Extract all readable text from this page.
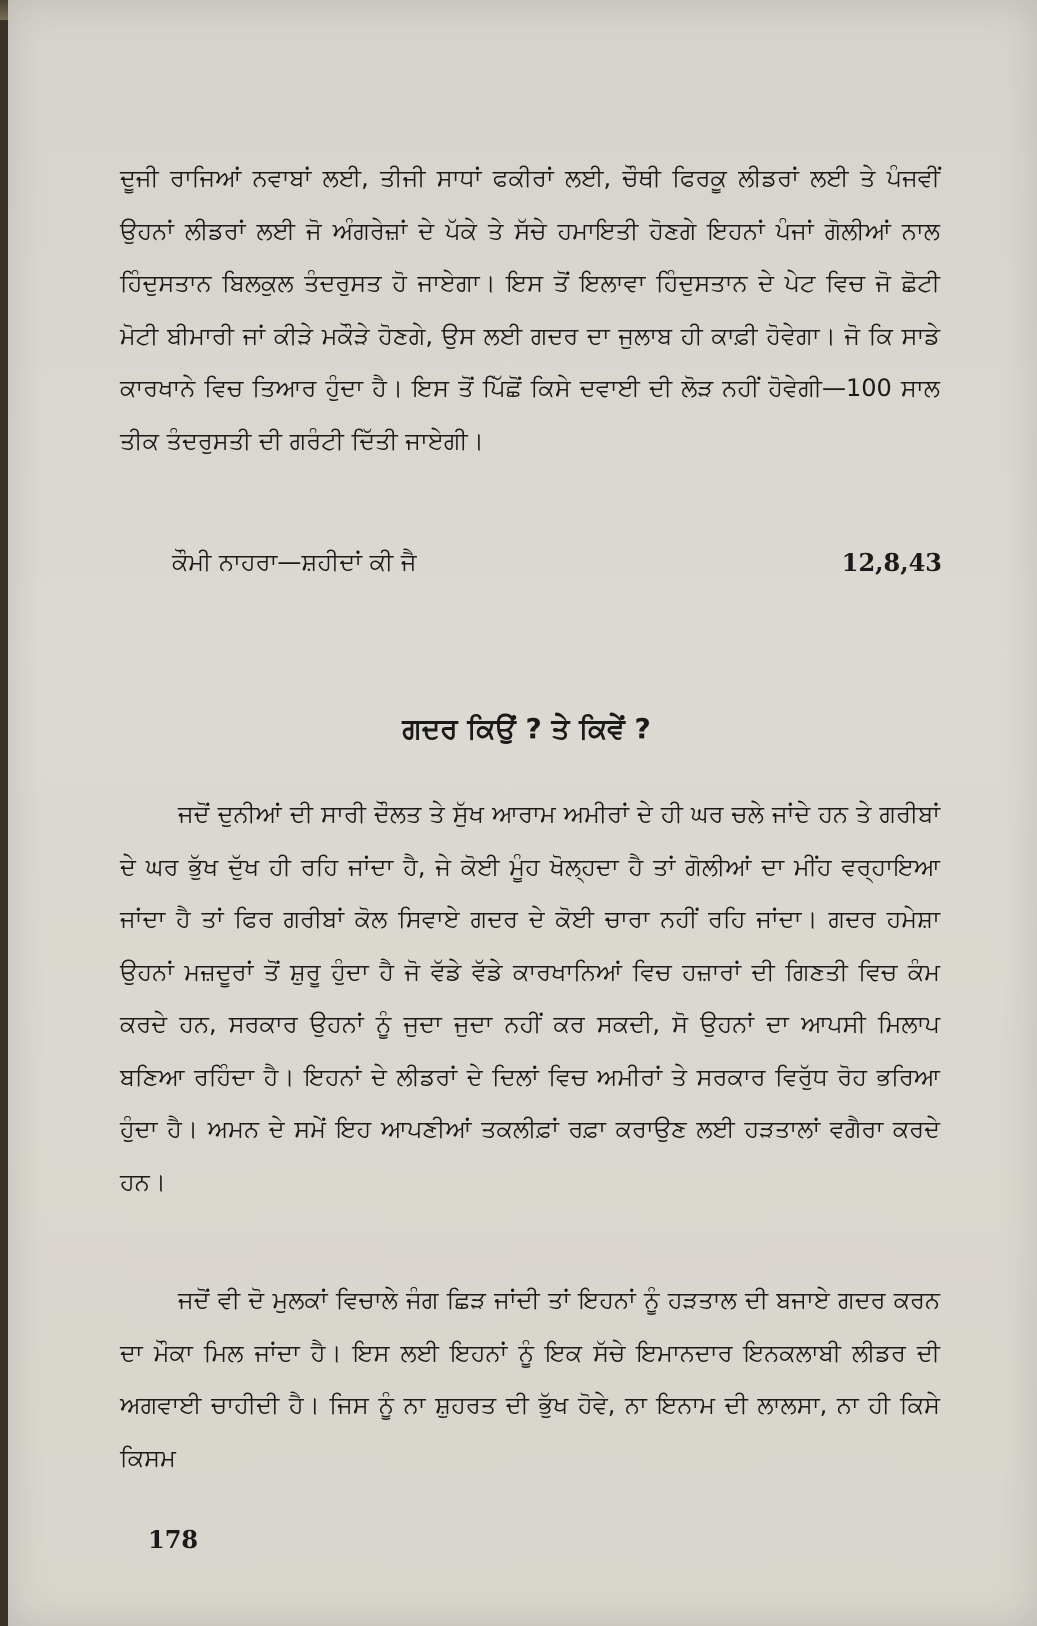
ਦੂਜੀ ਰਾਜਿਆਂ ਨਵਾਬਾਂ ਲਈ, ਤੀਜੀ ਸਾਧਾਂ ਫਕੀਰਾਂ ਲਈ, ਚੌਥੀ ਫਿਰਕੂ ਲੀਡਰਾਂ ਲਈ ਤੇ ਪੰਜਵੀਂ ਉਹਨਾਂ ਲੀਡਰਾਂ ਲਈ ਜੋ ਅੰਗਰੇਜ਼ਾਂ ਦੇ ਪੱਕੇ ਤੇ ਸੱਚੇ ਹਮਾਇਤੀ ਹੋਣਗੇ ਇਹਨਾਂ ਪੰਜਾਂ ਗੋਲੀਆਂ ਨਾਲ ਹਿੰਦੁਸਤਾਨ ਬਿਲਕੁਲ ਤੰਦਰੁਸਤ ਹੋ ਜਾਏਗਾ। ਇਸ ਤੋਂ ਇਲਾਵਾ ਹਿੰਦੁਸਤਾਨ ਦੇ ਪੇਟ ਵਿਚ ਜੋ ਛੋਟੀ ਮੋਟੀ ਬੀਮਾਰੀ ਜਾਂ ਕੀੜੇ ਮਕੌੜੇ ਹੋਣਗੇ, ਉਸ ਲਈ ਗਦਰ ਦਾ ਜੁਲਾਬ ਹੀ ਕਾਫ਼ੀ ਹੋਵੇਗਾ। ਜੋ ਕਿ ਸਾਡੇ ਕਾਰਖਾਨੇ ਵਿਚ ਤਿਆਰ ਹੁੰਦਾ ਹੈ। ਇਸ ਤੋਂ ਪਿੱਛੋਂ ਕਿਸੇ ਦਵਾਈ ਦੀ ਲੋੜ ਨਹੀਂ ਹੋਵੇਗੀ—100 ਸਾਲ ਤੀਕ ਤੰਦਰੁਸਤੀ ਦੀ ਗਰੰਟੀ ਦਿੱਤੀ ਜਾਏਗੀ।
ਕੌਮੀ ਨਾਹਰਾ—ਸ਼ਹੀਦਾਂ ਕੀ ਜੈ	12,8,43
ਗਦਰ ਕਿਉਂ ? ਤੇ ਕਿਵੇਂ ?
ਜਦੋਂ ਦੁਨੀਆਂ ਦੀ ਸਾਰੀ ਦੌਲਤ ਤੇ ਸੁੱਖ ਆਰਾਮ ਅਮੀਰਾਂ ਦੇ ਹੀ ਘਰ ਚਲੇ ਜਾਂਦੇ ਹਨ ਤੇ ਗਰੀਬਾਂ ਦੇ ਘਰ ਭੁੱਖ ਦੁੱਖ ਹੀ ਰਹਿ ਜਾਂਦਾ ਹੈ, ਜੇ ਕੋਈ ਮੂੰਹ ਖੋਲ੍ਹਦਾ ਹੈ ਤਾਂ ਗੋਲੀਆਂ ਦਾ ਮੀਂਹ ਵਰ੍ਹਾਇਆ ਜਾਂਦਾ ਹੈ ਤਾਂ ਫਿਰ ਗਰੀਬਾਂ ਕੋਲ ਸਿਵਾਏ ਗਦਰ ਦੇ ਕੋਈ ਚਾਰਾ ਨਹੀਂ ਰਹਿ ਜਾਂਦਾ। ਗਦਰ ਹਮੇਸ਼ਾ ਉਹਨਾਂ ਮਜ਼ਦੂਰਾਂ ਤੋਂ ਸ਼ੁਰੂ ਹੁੰਦਾ ਹੈ ਜੋ ਵੱਡੇ ਵੱਡੇ ਕਾਰਖਾਨਿਆਂ ਵਿਚ ਹਜ਼ਾਰਾਂ ਦੀ ਗਿਣਤੀ ਵਿਚ ਕੰਮ ਕਰਦੇ ਹਨ, ਸਰਕਾਰ ਉਹਨਾਂ ਨੂੰ ਜੁਦਾ ਜੁਦਾ ਨਹੀਂ ਕਰ ਸਕਦੀ, ਸੋ ਉਹਨਾਂ ਦਾ ਆਪਸੀ ਮਿਲਾਪ ਬਣਿਆ ਰਹਿੰਦਾ ਹੈ। ਇਹਨਾਂ ਦੇ ਲੀਡਰਾਂ ਦੇ ਦਿਲਾਂ ਵਿਚ ਅਮੀਰਾਂ ਤੇ ਸਰਕਾਰ ਵਿਰੁੱਧ ਰੋਹ ਭਰਿਆ ਹੁੰਦਾ ਹੈ। ਅਮਨ ਦੇ ਸਮੇਂ ਇਹ ਆਪਣੀਆਂ ਤਕਲੀਫ਼ਾਂ ਰਫ਼ਾ ਕਰਾਉਣ ਲਈ ਹੜਤਾਲਾਂ ਵਗੈਰਾ ਕਰਦੇ ਹਨ।
ਜਦੋਂ ਵੀ ਦੋ ਮੁਲਕਾਂ ਵਿਚਾਲੇ ਜੰਗ ਛਿੜ ਜਾਂਦੀ ਤਾਂ ਇਹਨਾਂ ਨੂੰ ਹੜਤਾਲ ਦੀ ਬਜਾਏ ਗਦਰ ਕਰਨ ਦਾ ਮੌਕਾ ਮਿਲ ਜਾਂਦਾ ਹੈ। ਇਸ ਲਈ ਇਹਨਾਂ ਨੂੰ ਇਕ ਸੱਚੇ ਇਮਾਨਦਾਰ ਇਨਕਲਾਬੀ ਲੀਡਰ ਦੀ ਅਗਵਾਈ ਚਾਹੀਦੀ ਹੈ। ਜਿਸ ਨੂੰ ਨਾ ਸ਼ੁਹਰਤ ਦੀ ਭੁੱਖ ਹੋਵੇ, ਨਾ ਇਨਾਮ ਦੀ ਲਾਲਸਾ, ਨਾ ਹੀ ਕਿਸੇ ਕਿਸਮ
178
